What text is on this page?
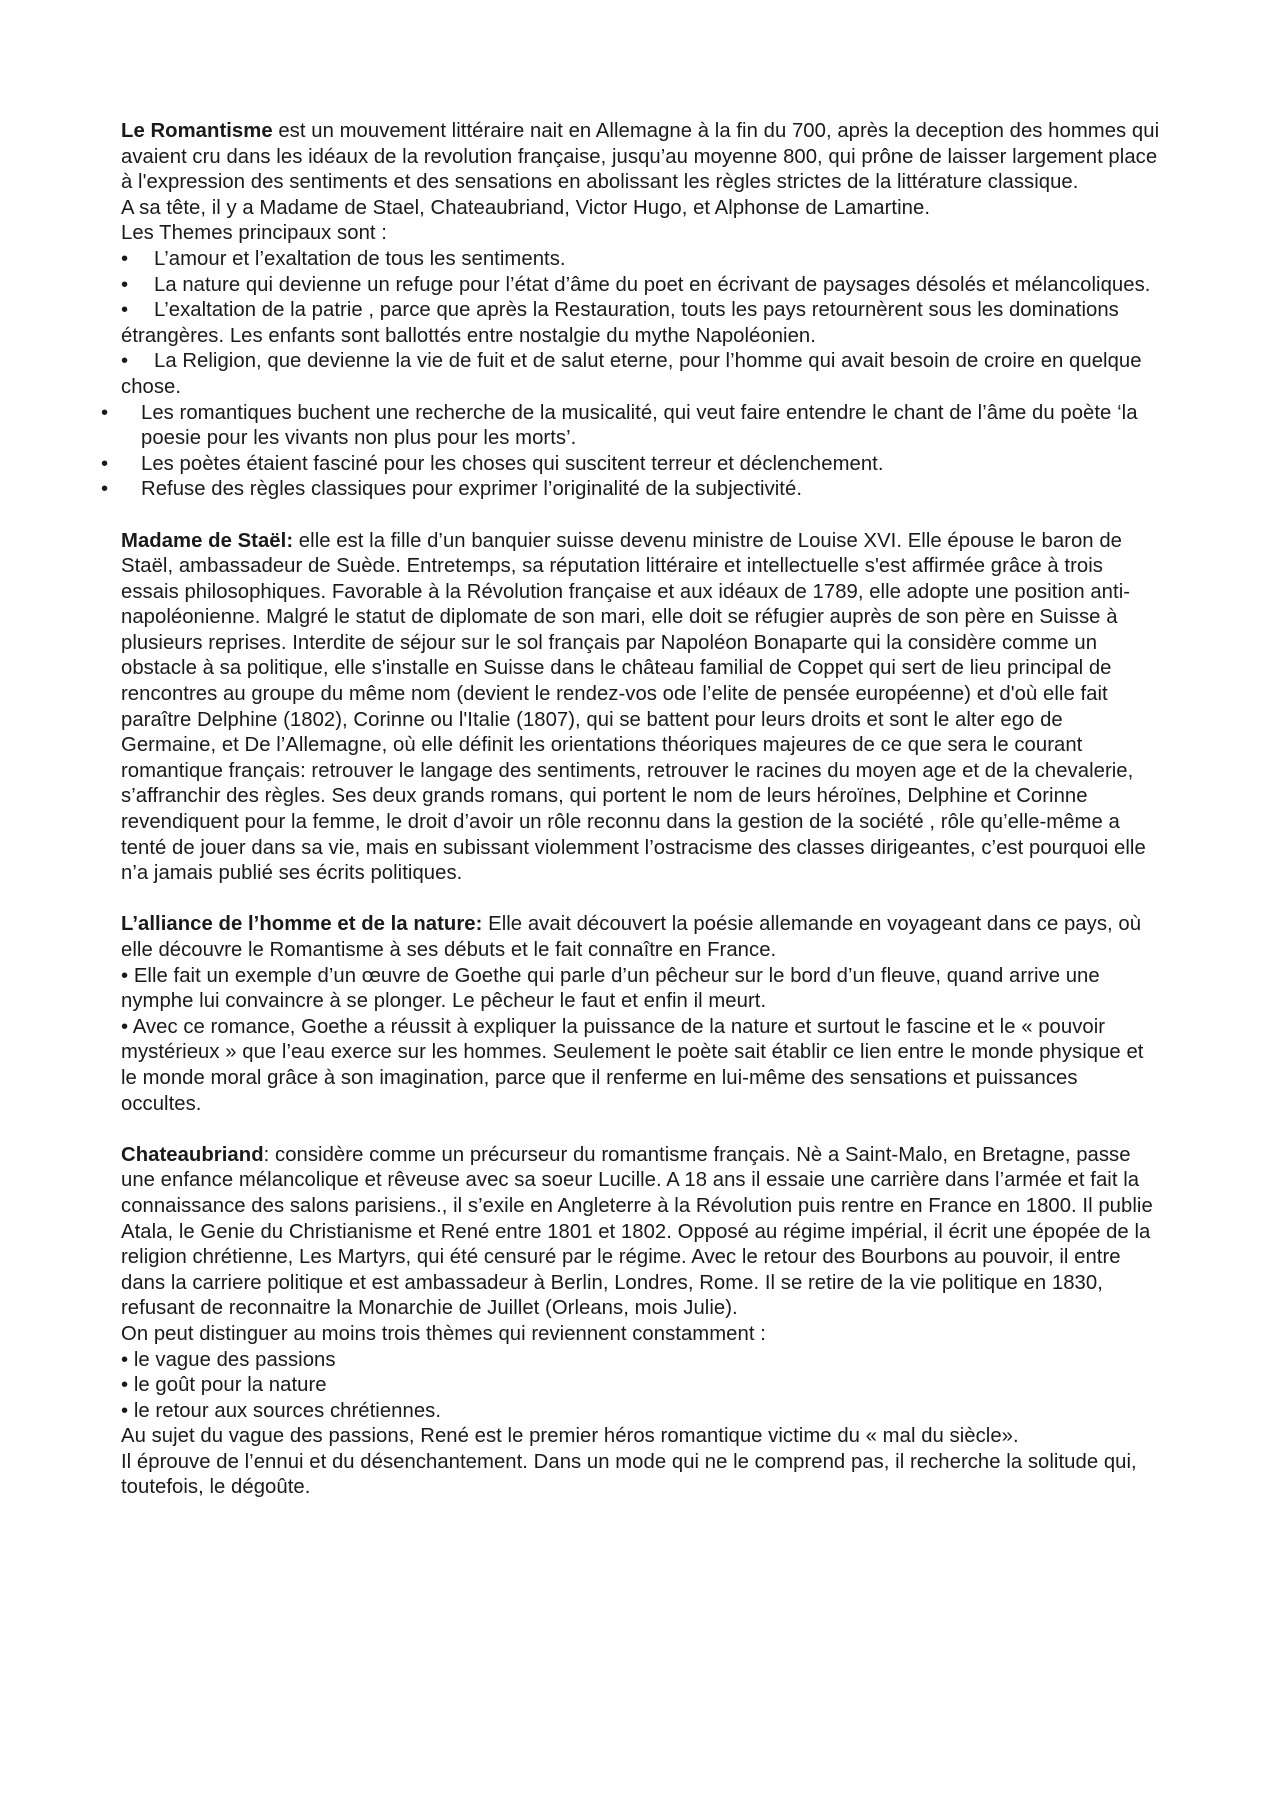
Le Romantisme est un mouvement littéraire nait en Allemagne à la fin du 700, après la deception des hommes qui avaient cru dans les idéaux de la revolution française, jusqu’au moyenne 800, qui prône de laisser largement place à l'expression des sentiments et des sensations en abolissant les règles strictes de la littérature classique.

A sa tête, il y a Madame de Stael, Chateaubriand, Victor Hugo, et Alphonse de Lamartine.

Les Themes principaux sont :

• L’amour et l’exaltation de tous les sentiments.

• La nature qui devienne un refuge pour l’état d’âme du poet en écrivant de paysages désolés et mélancoliques.

• L’exaltation de la patrie , parce que après la Restauration, touts les pays retournèrent sous les dominations étrangères. Les enfants sont ballottés entre nostalgie du mythe Napoléonien.

• La Religion, que devienne la vie de fuit et de salut eterne, pour l’homme qui avait besoin de croire en quelque chose.

• Les romantiques buchent une recherche de la musicalité, qui veut faire entendre le chant de l’âme du poète ‘la poesie pour les vivants non plus pour les morts’.

• Les poètes étaient fasciné pour les choses qui suscitent terreur et déclenchement.

• Refuse des règles classiques pour exprimer l’originalité de la subjectivité.

Madame de Staël: elle est la fille d’un banquier suisse devenu ministre de Louise XVI. Elle épouse le baron de Staël, ambassadeur de Suède. Entretemps, sa réputation littéraire et intellectuelle s'est affirmée grâce à trois essais philosophiques. Favorable à la Révolution française et aux idéaux de 1789, elle adopte une position anti-napoléonienne. Malgré le statut de diplomate de son mari, elle doit se réfugier auprès de son père en Suisse à plusieurs reprises. Interdite de séjour sur le sol français par Napoléon Bonaparte qui la considère comme un obstacle à sa politique, elle s'installe en Suisse dans le château familial de Coppet qui sert de lieu principal de rencontres au groupe du même nom (devient le rendez-vos ode l’elite de pensée européenne) et d'où elle fait paraître Delphine (1802), Corinne ou l'Italie (1807), qui se battent pour leurs droits et sont le alter ego de Germaine, et De l’Allemagne, où elle définit les orientations théoriques majeures de ce que sera le courant romantique français: retrouver le langage des sentiments, retrouver le racines du moyen age et de la chevalerie, s’affranchir des règles. Ses deux grands romans, qui portent le nom de leurs héroïnes, Delphine et Corinne revendiquent pour la femme, le droit d’avoir un rôle reconnu dans la gestion de la société , rôle qu’elle-même a tenté de jouer dans sa vie, mais en subissant violemment l’ostracisme des classes dirigeantes, c’est pourquoi elle n’a jamais publié ses écrits politiques.

L’alliance de l’homme et de la nature: Elle avait découvert la poésie allemande en voyageant dans ce pays, où elle découvre le Romantisme à ses débuts et le fait connaître en France.

• Elle fait un exemple d’un œuvre de Goethe qui parle d’un pêcheur sur le bord d’un fleuve, quand arrive une nymphe lui convaincre à se plonger. Le pêcheur le faut et enfin il meurt.

• Avec ce romance, Goethe a réussit à expliquer la puissance de la nature et surtout le fascine et le « pouvoir mystérieux » que l’eau exerce sur les hommes. Seulement le poète sait établir ce lien entre le monde physique et le monde moral grâce à son imagination, parce que il renferme en lui-même des sensations et puissances occultes.

Chateaubriand: considère comme un précurseur du romantisme français. Nè a Saint-Malo, en Bretagne, passe une enfance mélancolique et rêveuse avec sa soeur Lucille. A 18 ans il essaie une carrière dans l’armée et fait la connaissance des salons parisiens., il s’exile en Angleterre à la Révolution puis rentre en France en 1800. Il publie Atala, le Genie du Christianisme et René entre 1801 et 1802. Opposé au régime impérial, il écrit une épopée de la religion chrétienne, Les Martyrs, qui été censuré par le régime. Avec le retour des Bourbons au pouvoir, il entre dans la carriere politique et est ambassadeur à Berlin, Londres, Rome. Il se retire de la vie politique en 1830, refusant de reconnaitre la Monarchie de Juillet (Orleans, mois Julie).

On peut distinguer au moins trois thèmes qui reviennent constamment :

• le vague des passions

• le goût pour la nature

• le retour aux sources chrétiennes.

Au sujet du vague des passions, René est le premier héros romantique victime du « mal du siècle».

Il éprouve de l’ennui et du désenchantement. Dans un mode qui ne le comprend pas, il recherche la solitude qui, toutefois, le dégoûte.
